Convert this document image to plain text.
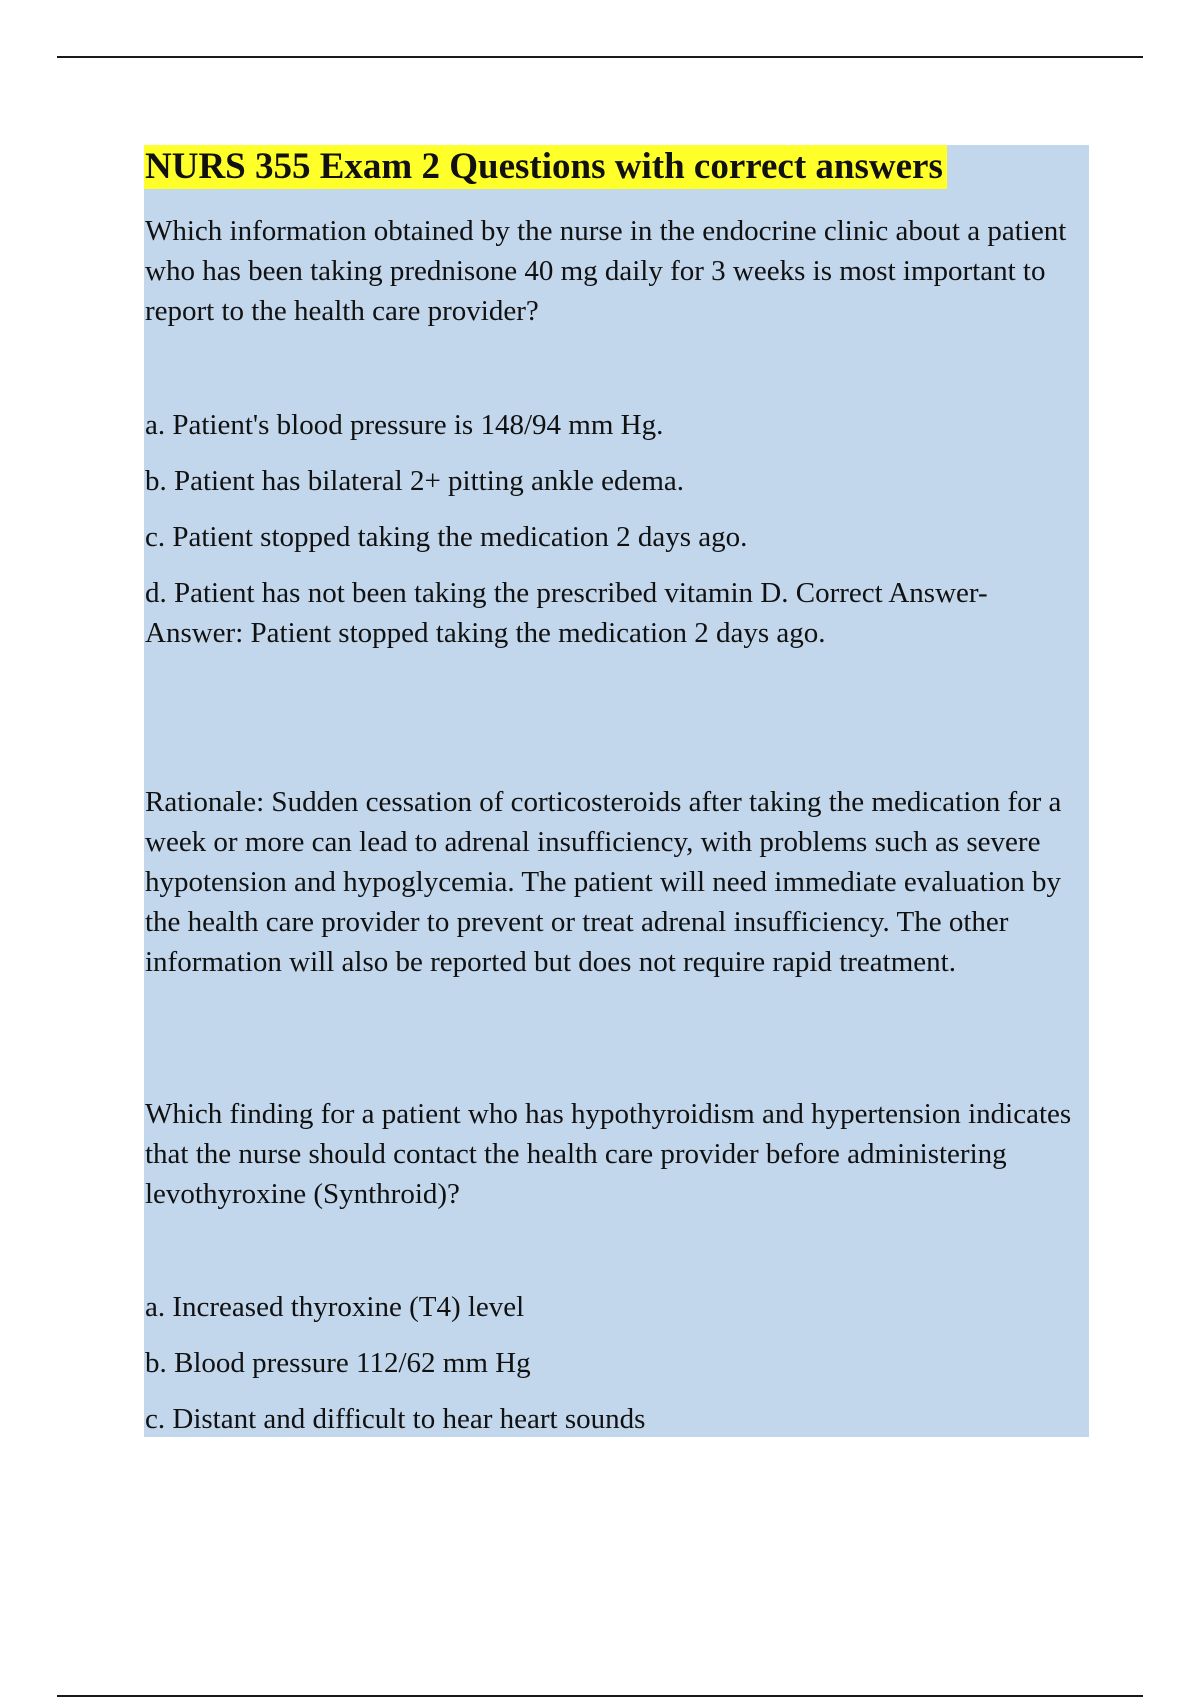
NURS 355 Exam 2 Questions with correct answers

Which information obtained by the nurse in the endocrine clinic about a patient who has been taking prednisone 40 mg daily for 3 weeks is most important to report to the health care provider?

a. Patient's blood pressure is 148/94 mm Hg.

b. Patient has bilateral 2+ pitting ankle edema.

c. Patient stopped taking the medication 2 days ago.

d. Patient has not been taking the prescribed vitamin D. Correct Answer-
Answer: Patient stopped taking the medication 2 days ago.

Rationale: Sudden cessation of corticosteroids after taking the medication for a week or more can lead to adrenal insufficiency, with problems such as severe hypotension and hypoglycemia. The patient will need immediate evaluation by the health care provider to prevent or treat adrenal insufficiency. The other information will also be reported but does not require rapid treatment.

Which finding for a patient who has hypothyroidism and hypertension indicates that the nurse should contact the health care provider before administering levothyroxine (Synthroid)?

a. Increased thyroxine (T4) level

b. Blood pressure 112/62 mm Hg

c. Distant and difficult to hear heart sounds
